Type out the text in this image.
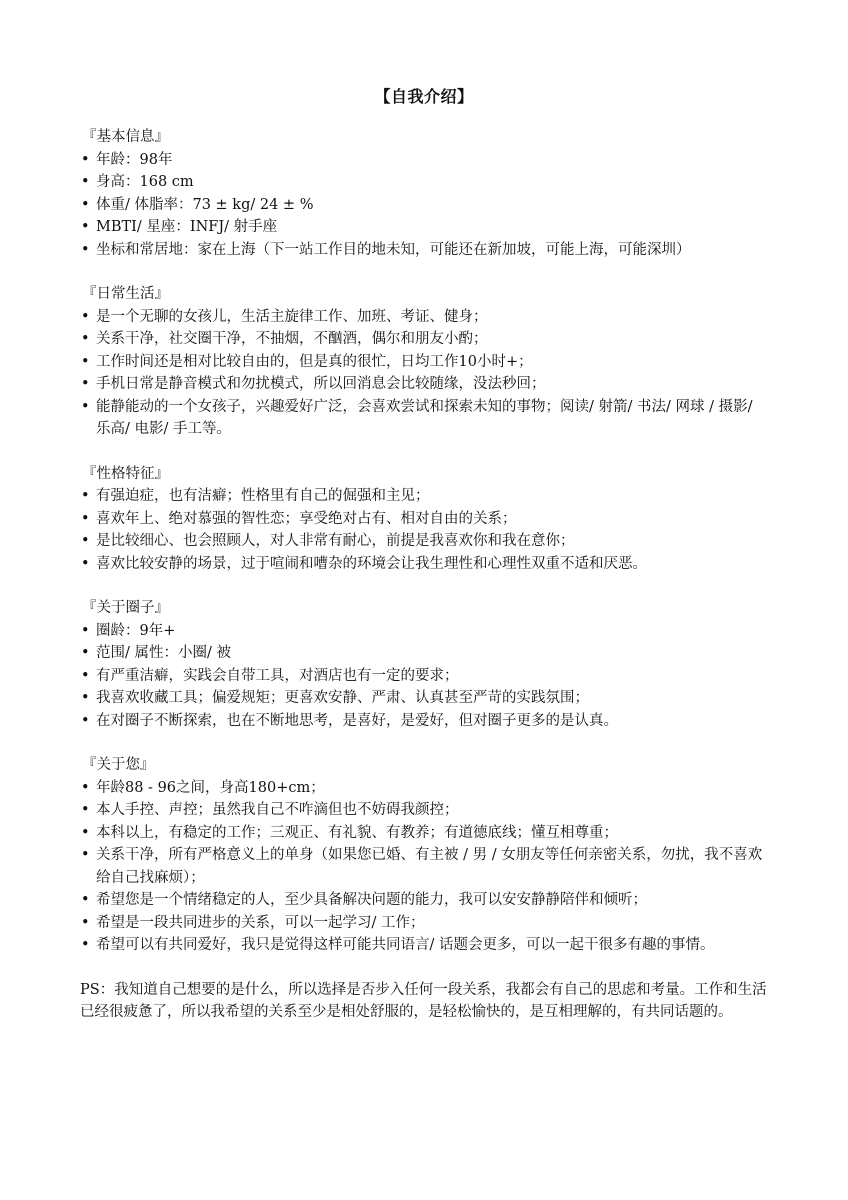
【自我介绍】
『基本信息』
• 年龄：98年
• 身高：168 cm
• 体重/ 体脂率：73 ± kg/ 24 ± %
• MBTI/ 星座：INFJ/ 射手座
• 坐标和常居地：家在上海（下一站工作目的地未知，可能还在新加坡，可能上海，可能深圳）
『日常生活』
• 是一个无聊的女孩儿，生活主旋律工作、加班、考证、健身；
• 关系干净，社交圈干净，不抽烟，不酗酒，偶尔和朋友小酌；
• 工作时间还是相对比较自由的，但是真的很忙，日均工作10小时+；
• 手机日常是静音模式和勿扰模式，所以回消息会比较随缘，没法秒回；
• 能静能动的一个女孩子，兴趣爱好广泛，会喜欢尝试和探索未知的事物；阅读/ 射箭/ 书法/ 网球 / 摄影/ 乐高/ 电影/ 手工等。
『性格特征』
• 有强迫症，也有洁癖；性格里有自己的倔强和主见；
• 喜欢年上、绝对慕强的智性恋；享受绝对占有、相对自由的关系；
• 是比较细心、也会照顾人，对人非常有耐心，前提是我喜欢你和我在意你；
• 喜欢比较安静的场景，过于喧闹和嘈杂的环境会让我生理性和心理性双重不适和厌恶。
『关于圈子』
• 圈龄：9年+
• 范围/ 属性：小圈/ 被
• 有严重洁癖，实践会自带工具，对酒店也有一定的要求；
• 我喜欢收藏工具；偏爱规矩；更喜欢安静、严肃、认真甚至严苛的实践氛围；
• 在对圈子不断探索，也在不断地思考，是喜好，是爱好，但对圈子更多的是认真。
『关于您』
• 年龄88 - 96之间，身高180+cm；
• 本人手控、声控；虽然我自己不咋滴但也不妨碍我颜控；
• 本科以上，有稳定的工作；三观正、有礼貌、有教养；有道德底线；懂互相尊重；
• 关系干净，所有严格意义上的单身（如果您已婚、有主被 / 男 / 女朋友等任何亲密关系，勿扰，我不喜欢给自己找麻烦）；
• 希望您是一个情绪稳定的人，至少具备解决问题的能力，我可以安安静静陪伴和倾听；
• 希望是一段共同进步的关系，可以一起学习/ 工作；
• 希望可以有共同爱好，我只是觉得这样可能共同语言/ 话题会更多，可以一起干很多有趣的事情。

PS：我知道自己想要的是什么，所以选择是否步入任何一段关系，我都会有自己的思虑和考量。工作和生活已经很疲惫了，所以我希望的关系至少是相处舒服的，是轻松愉快的，是互相理解的，有共同话题的。
